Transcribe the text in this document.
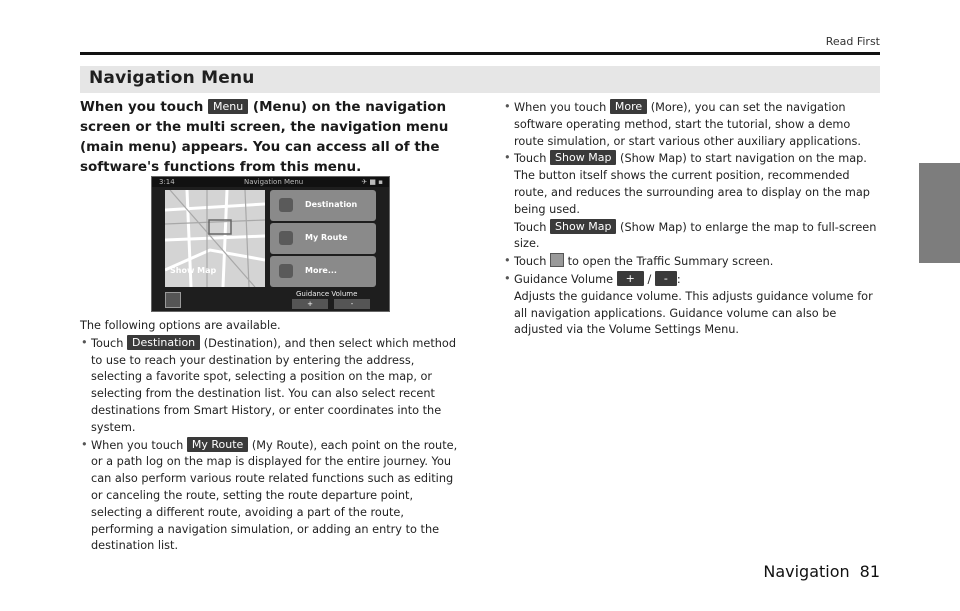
Read First
Navigation Menu
When you touch Menu (Menu) on the navigation screen or the multi screen, the navigation menu (main menu) appears. You can access all of the software's functions from this menu.
3:14	Navigation Menu	✈ ■ ▪
Show Map
Destination
My Route
More...
Guidance Volume
+	-
The following options are available.
• Touch Destination (Destination), and then select which method to use to reach your destination by entering the address, selecting a favorite spot, selecting a position on the map, or selecting from the destination list. You can also select recent destinations from Smart History, or enter coordinates into the system.
• When you touch My Route (My Route), each point on the route, or a path log on the map is displayed for the entire journey. You can also perform various route related functions such as editing or canceling the route, setting the route departure point, selecting a different route, avoiding a part of the route, performing a navigation simulation, or adding an entry to the destination list.
• When you touch More (More), you can set the navigation software operating method, start the tutorial, show a demo route simulation, or start various other auxiliary applications.
• Touch Show Map (Show Map) to start navigation on the map. The button itself shows the current position, recommended route, and reduces the surrounding area to display on the map being used.
Touch Show Map (Show Map) to enlarge the map to full-screen size.
• Touch to open the Traffic Summary screen.
• Guidance Volume + / - :
Adjusts the guidance volume. This adjusts guidance volume for all navigation applications. Guidance volume can also be adjusted via the Volume Settings Menu.
Navigation 81
